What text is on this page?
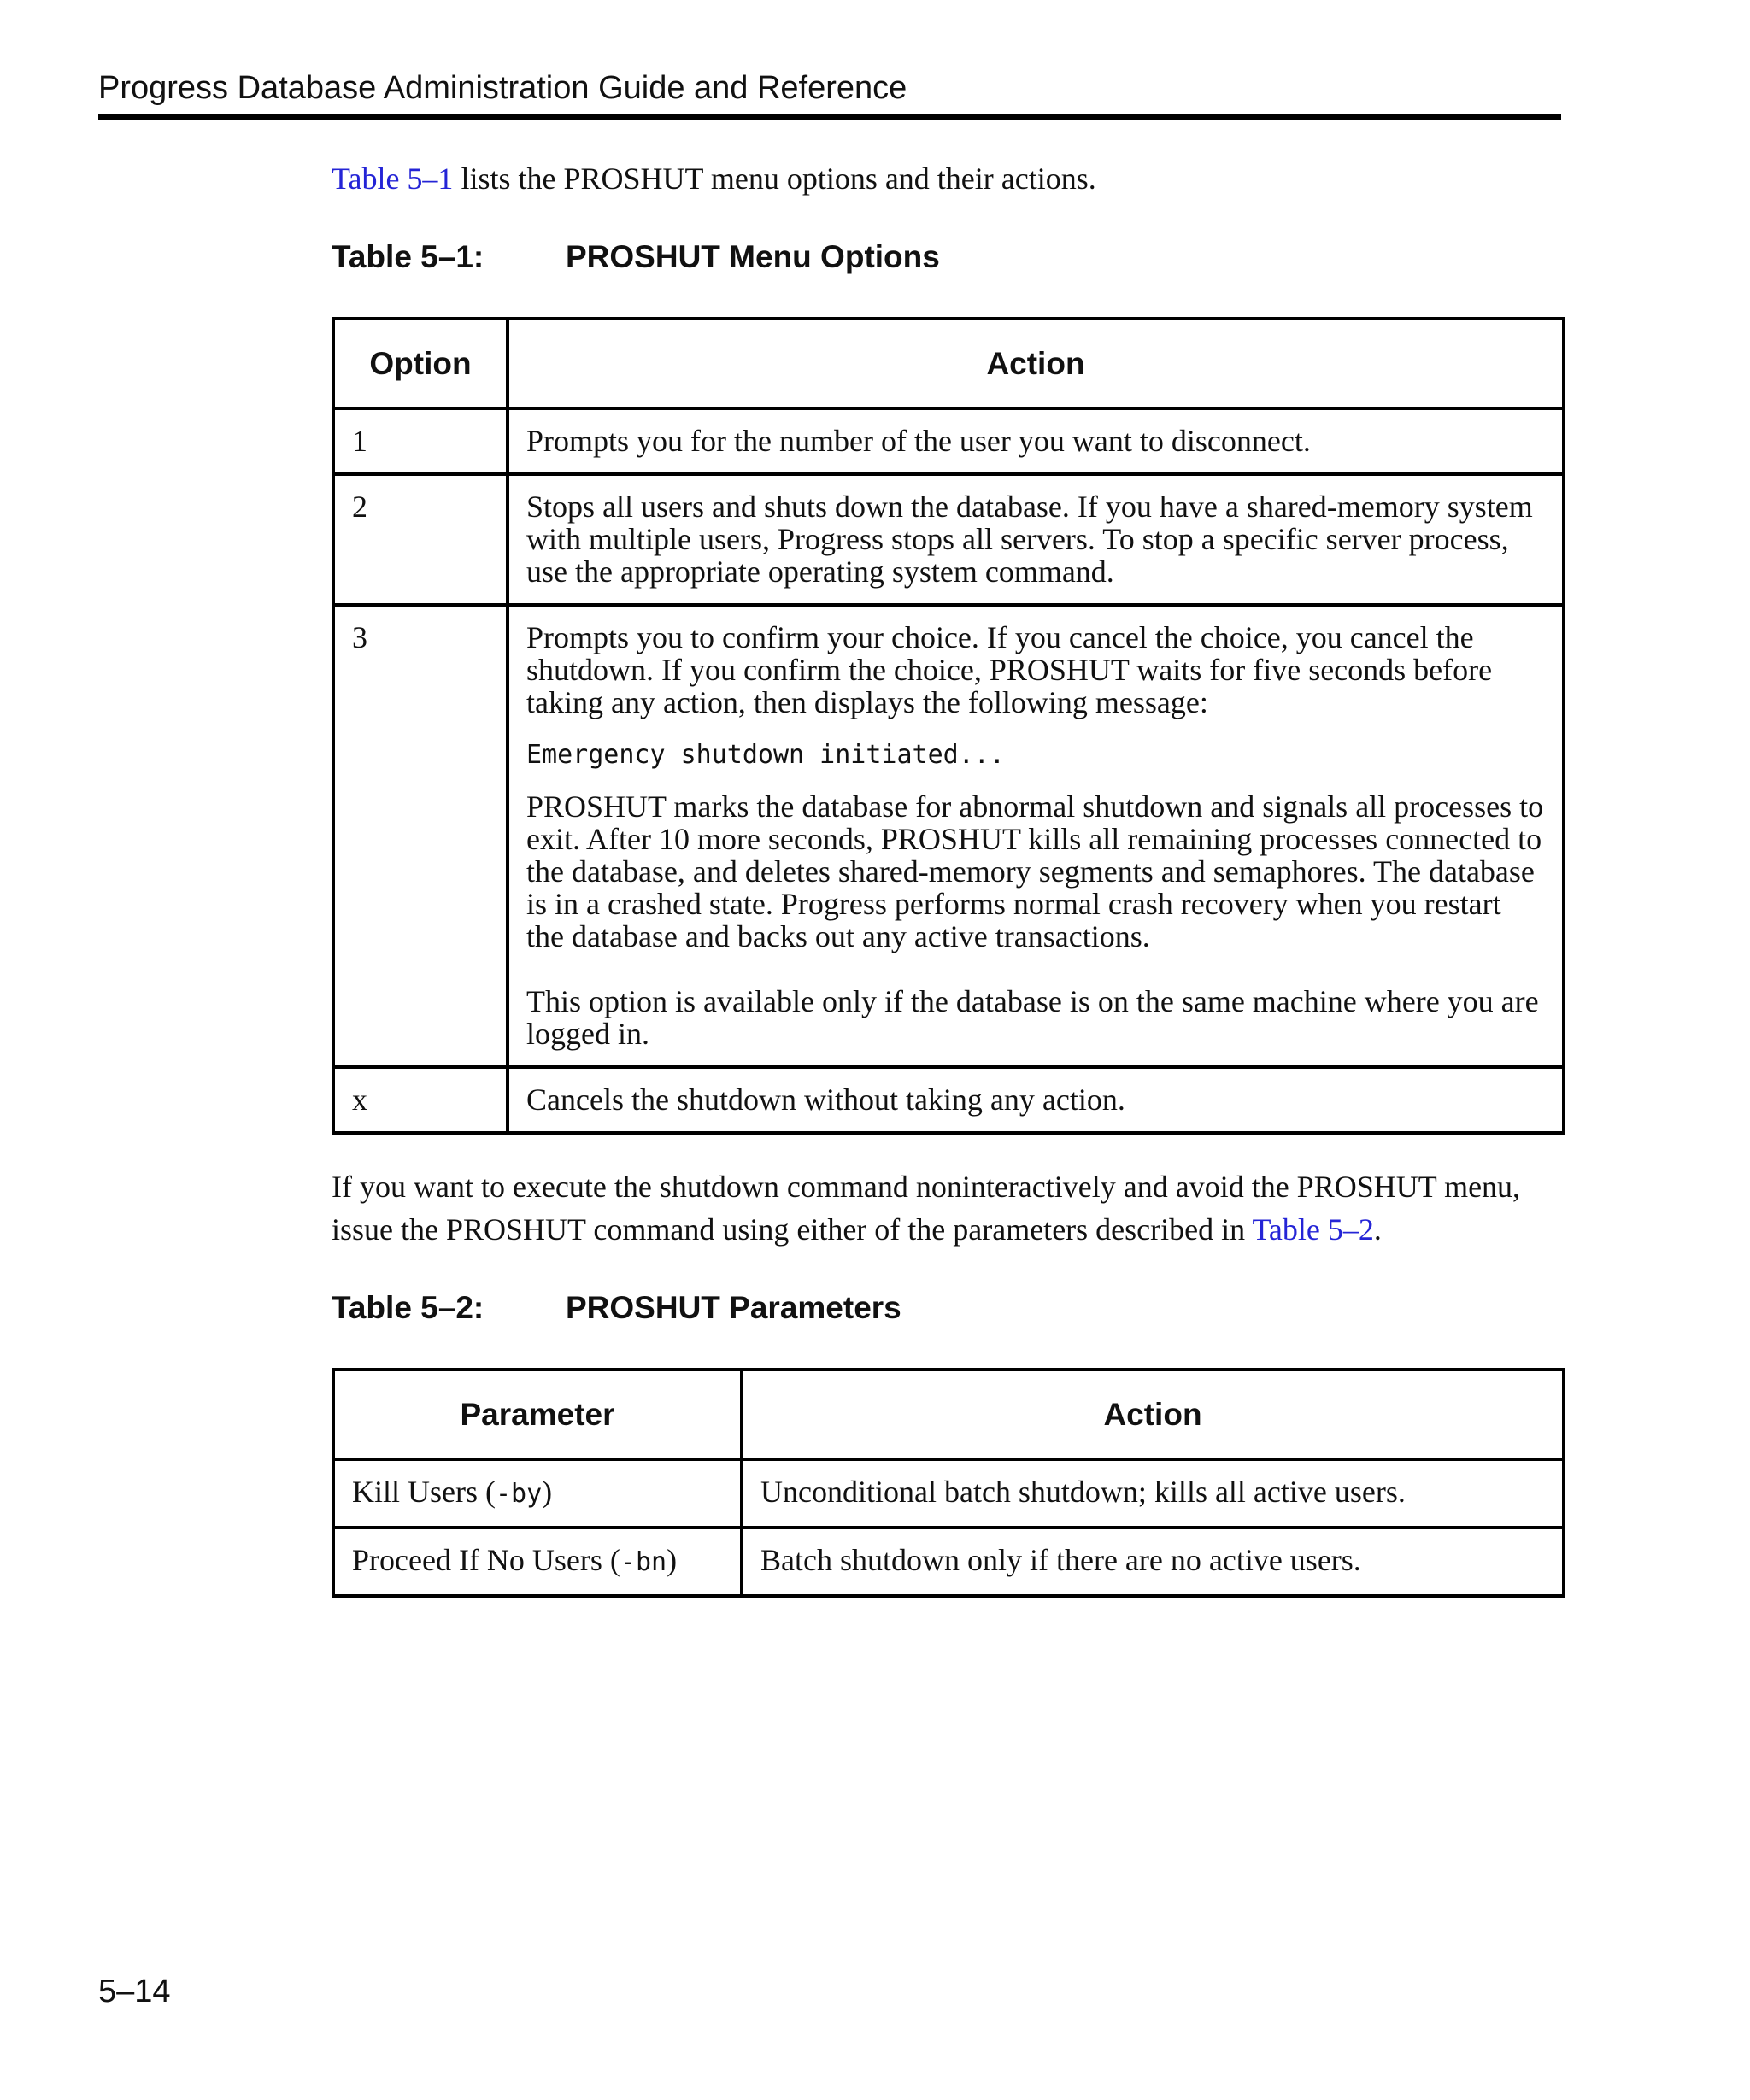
Progress Database Administration Guide and Reference

Table 5–1 lists the PROSHUT menu options and their actions.

Table 5–1:	PROSHUT Menu Options
Option	Action
1	Prompts you for the number of the user you want to disconnect.
2	Stops all users and shuts down the database. If you have a shared-memory system with multiple users, Progress stops all servers. To stop a specific server process, use the appropriate operating system command.
3	Prompts you to confirm your choice. If you cancel the choice, you cancel the shutdown. If you confirm the choice, PROSHUT waits for five seconds before taking any action, then displays the following message:

Emergency shutdown initiated...

PROSHUT marks the database for abnormal shutdown and signals all processes to exit. After 10 more seconds, PROSHUT kills all remaining processes connected to the database, and deletes shared-memory segments and semaphores. The database is in a crashed state. Progress performs normal crash recovery when you restart the database and backs out any active transactions.

This option is available only if the database is on the same machine where you are logged in.

x	Cancels the shutdown without taking any action.

If you want to execute the shutdown command noninteractively and avoid the PROSHUT menu, issue the PROSHUT command using either of the parameters described in Table 5–2.

Table 5–2:	PROSHUT Parameters
Parameter	Action
Kill Users (-by)	Unconditional batch shutdown; kills all active users.
Proceed If No Users (-bn)	Batch shutdown only if there are no active users.
5–14
